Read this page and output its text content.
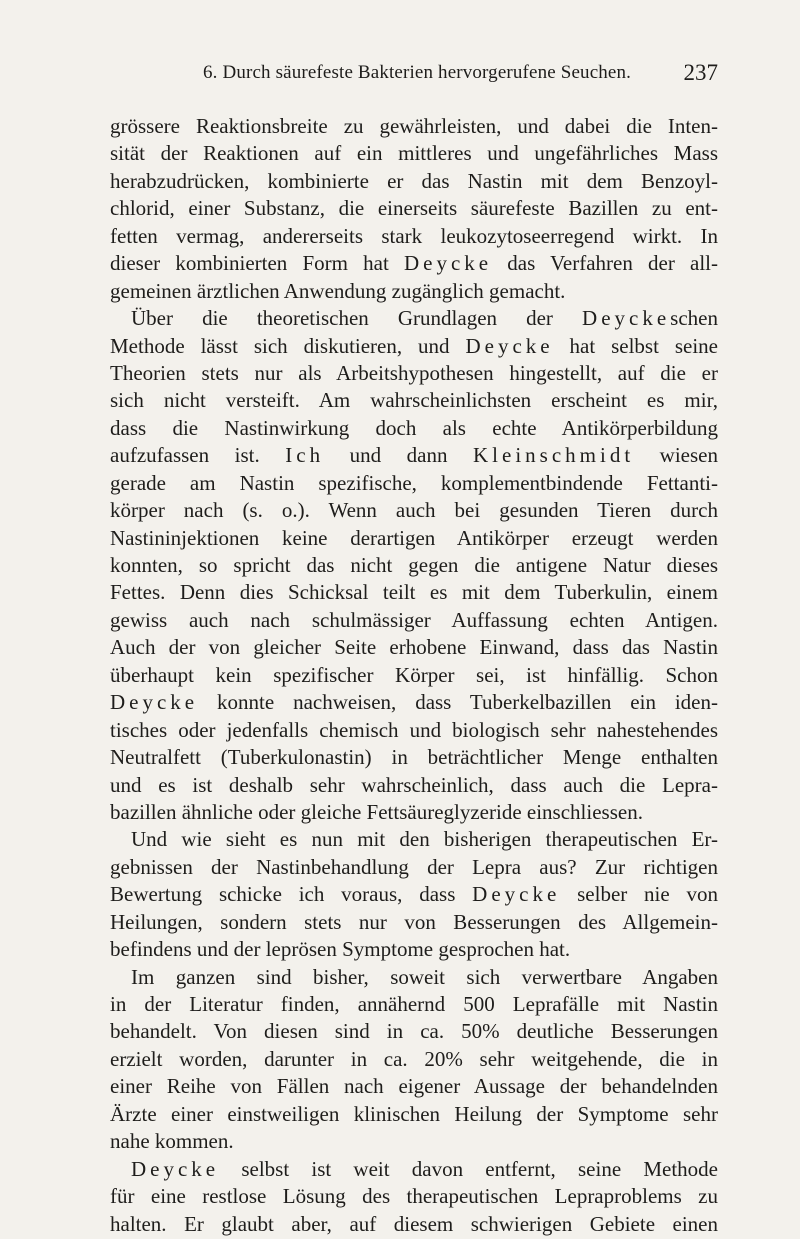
6. Durch säurefeste Bakterien hervorgerufene Seuchen. 237
grössere Reaktionsbreite zu gewährleisten, und dabei die Inten-
sität der Reaktionen auf ein mittleres und ungefährliches Mass
herabzudrücken, kombinierte er das Nastin mit dem Benzoyl-
chlorid, einer Substanz, die einerseits säurefeste Bazillen zu ent-
fetten vermag, andererseits stark leukozytoseerregend wirkt. In
dieser kombinierten Form hat Deycke das Verfahren der all-
gemeinen ärztlichen Anwendung zugänglich gemacht.
Über die theoretischen Grundlagen der Deyckeschen
Methode lässt sich diskutieren, und Deycke hat selbst seine
Theorien stets nur als Arbeitshypothesen hingestellt, auf die er
sich nicht versteift. Am wahrscheinlichsten erscheint es mir,
dass die Nastinwirkung doch als echte Antikörperbildung
aufzufassen ist. Ich und dann Kleinschmidt wiesen
gerade am Nastin spezifische, komplementbindende Fettanti-
körper nach (s. o.). Wenn auch bei gesunden Tieren durch
Nastininjektionen keine derartigen Antikörper erzeugt werden
konnten, so spricht das nicht gegen die antigene Natur dieses
Fettes. Denn dies Schicksal teilt es mit dem Tuberkulin, einem
gewiss auch nach schulmässiger Auffassung echten Antigen.
Auch der von gleicher Seite erhobene Einwand, dass das Nastin
überhaupt kein spezifischer Körper sei, ist hinfällig. Schon
Deycke konnte nachweisen, dass Tuberkelbazillen ein iden-
tisches oder jedenfalls chemisch und biologisch sehr nahestehendes
Neutralfett (Tuberkulonastin) in beträchtlicher Menge enthalten
und es ist deshalb sehr wahrscheinlich, dass auch die Lepra-
bazillen ähnliche oder gleiche Fettsäureglyzeride einschliessen.
Und wie sieht es nun mit den bisherigen therapeutischen Er-
gebnissen der Nastinbehandlung der Lepra aus? Zur richtigen
Bewertung schicke ich voraus, dass Deycke selber nie von
Heilungen, sondern stets nur von Besserungen des Allgemein-
befindens und der leprösen Symptome gesprochen hat.
Im ganzen sind bisher, soweit sich verwertbare Angaben
in der Literatur finden, annähernd 500 Leprafälle mit Nastin
behandelt. Von diesen sind in ca. 50% deutliche Besserungen
erzielt worden, darunter in ca. 20% sehr weitgehende, die in
einer Reihe von Fällen nach eigener Aussage der behandelnden
Ärzte einer einstweiligen klinischen Heilung der Symptome sehr
nahe kommen.
Deycke selbst ist weit davon entfernt, seine Methode
für eine restlose Lösung des therapeutischen Lepraproblems zu
halten. Er glaubt aber, auf diesem schwierigen Gebiete einen
